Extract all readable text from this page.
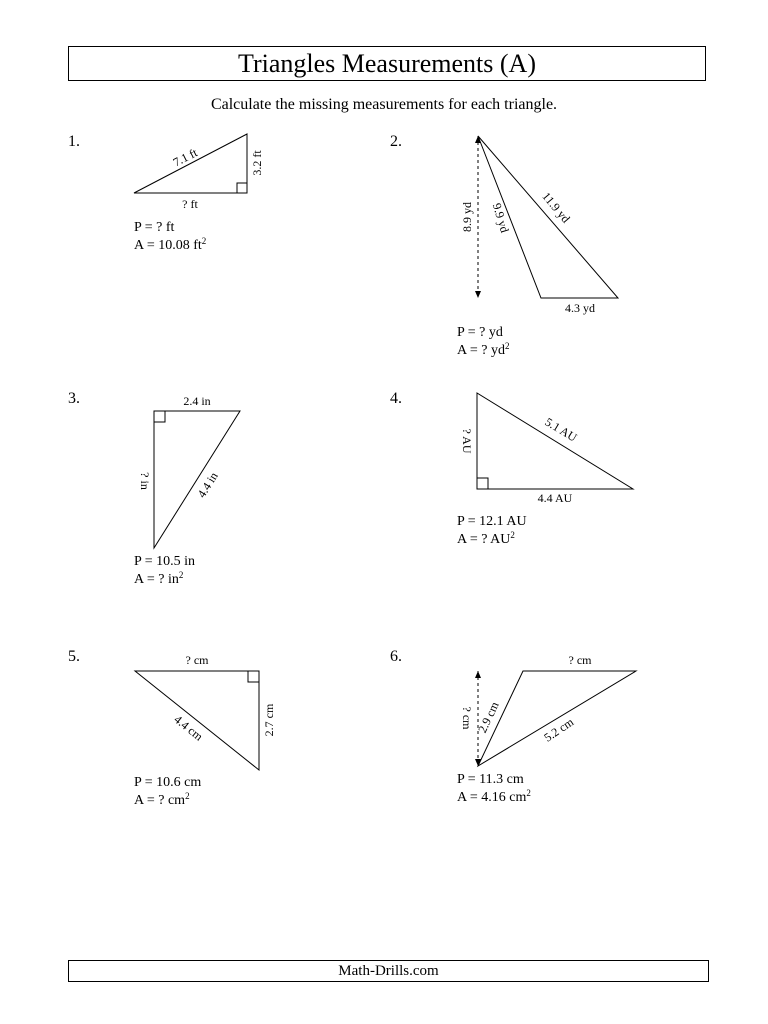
Triangles Measurements (A)
Calculate the missing measurements for each triangle.
1.	2.
3.	4.
5.	6.
7.1 ft	3.2 ft
? ft	8.9 yd 9.9 yd 11.9 yd
4.3 yd
2.4 in
? in	4.4 in
? AU	5.1 AU
4.4 AU
? cm
4.4 cm	2.7 cm	? cm 2.9 cm
? cm
5.2 cm
P = ? ft
A = 10.08 $ft^2$
P = ? yd
A = ? $yd^2$
P = 10.5 in
A = ? $in^2$
P = 12.1 AU
A = ? $AU^2$
P = 10.6 cm
A = ? $cm^2$
P = 11.3 cm
A = 4.16 $cm^2$
Math-Drills.com
